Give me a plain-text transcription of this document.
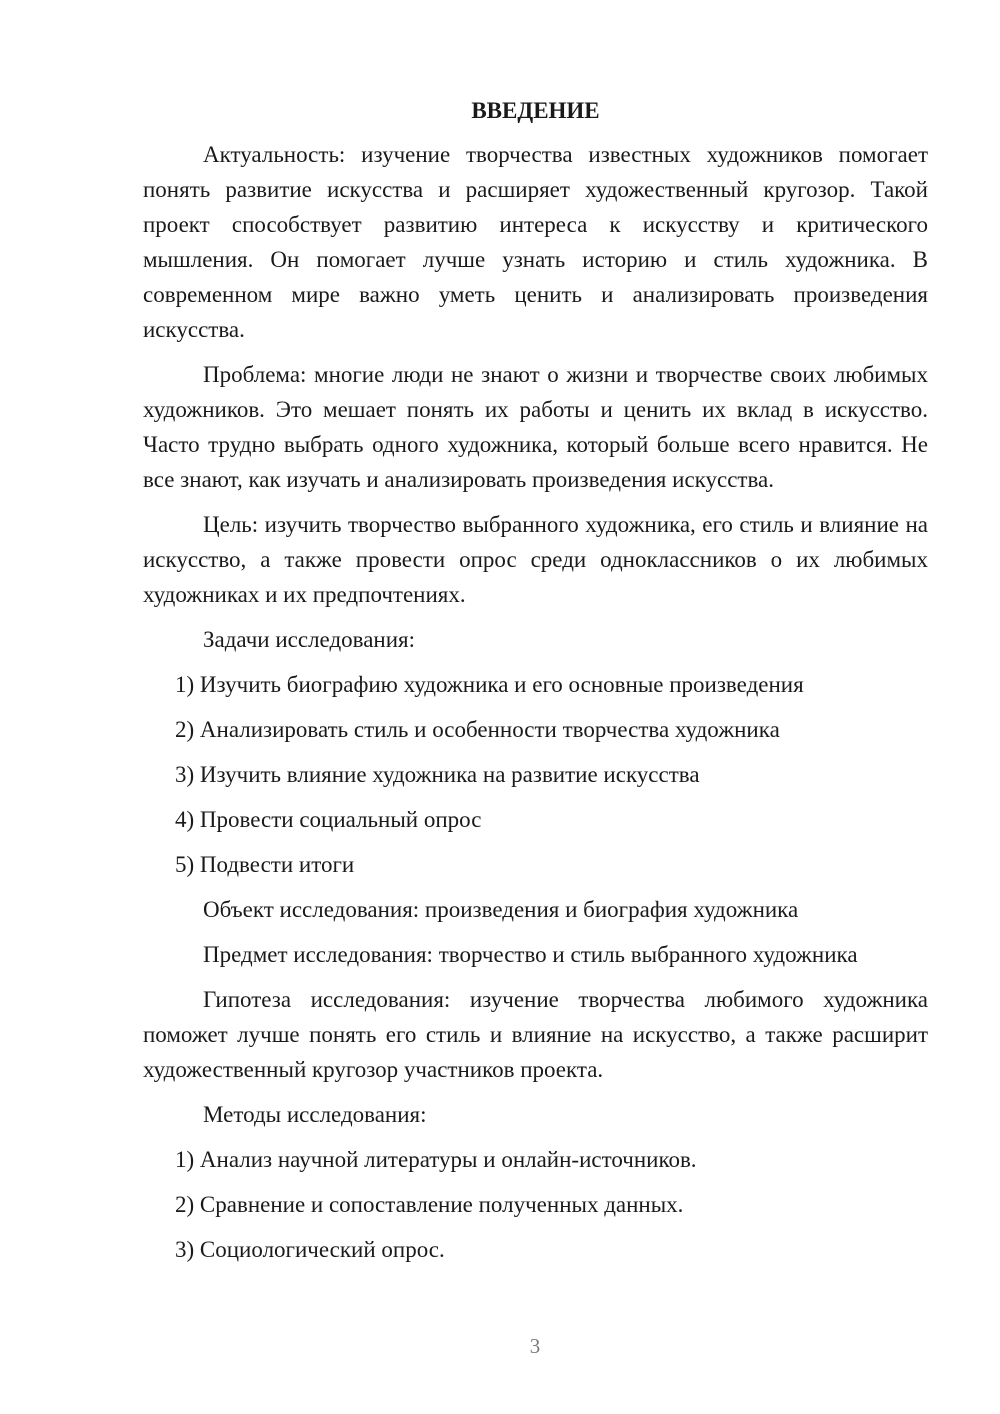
ВВЕДЕНИЕ
Актуальность: изучение творчества известных художников помогает понять развитие искусства и расширяет художественный кругозор. Такой проект способствует развитию интереса к искусству и критического мышления. Он помогает лучше узнать историю и стиль художника. В современном мире важно уметь ценить и анализировать произведения искусства.
Проблема: многие люди не знают о жизни и творчестве своих любимых художников. Это мешает понять их работы и ценить их вклад в искусство. Часто трудно выбрать одного художника, который больше всего нравится. Не все знают, как изучать и анализировать произведения искусства.
Цель: изучить творчество выбранного художника, его стиль и влияние на искусство, а также провести опрос среди одноклассников о их любимых художниках и их предпочтениях.
Задачи исследования:
1) Изучить биографию художника и его основные произведения
2) Анализировать стиль и особенности творчества художника
3) Изучить влияние художника на развитие искусства
4) Провести социальный опрос
5) Подвести итоги
Объект исследования: произведения и биография художника
Предмет исследования: творчество и стиль выбранного художника
Гипотеза исследования: изучение творчества любимого художника поможет лучше понять его стиль и влияние на искусство, а также расширит художественный кругозор участников проекта.
Методы исследования:
1) Анализ научной литературы и онлайн-источников.
2) Сравнение и сопоставление полученных данных.
3) Социологический опрос.
3
